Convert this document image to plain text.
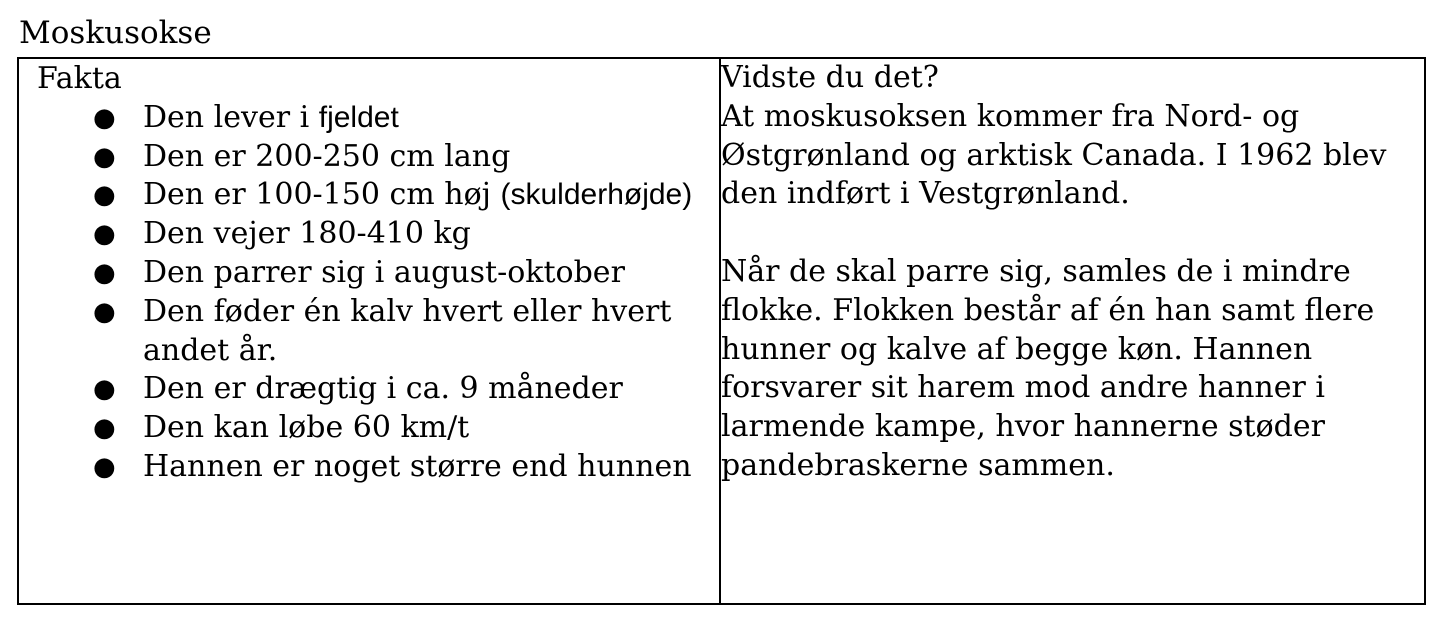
Moskusokse
Fakta
● Den lever i fjeldet
● Den er 200-250 cm lang
● Den er 100-150 cm høj (skulderhøjde)
● Den vejer 180-410 kg
● Den parrer sig i august-oktober
● Den føder én kalv hvert eller hvert andet år.
● Den er drægtig i ca. 9 måneder
● Den kan løbe 60 km/t
● Hannen er noget større end hunnen

Vidste du det?

At moskusoksen kommer fra Nord- og Østgrønland og arktisk Canada. I 1962 blev den indført i Vestgrønland.

Når de skal parre sig, samles de i mindre flokke. Flokken består af én han samt flere hunner og kalve af begge køn. Hannen forsvarer sit harem mod andre hanner i larmende kampe, hvor hannerne støder pandebraskerne sammen.
